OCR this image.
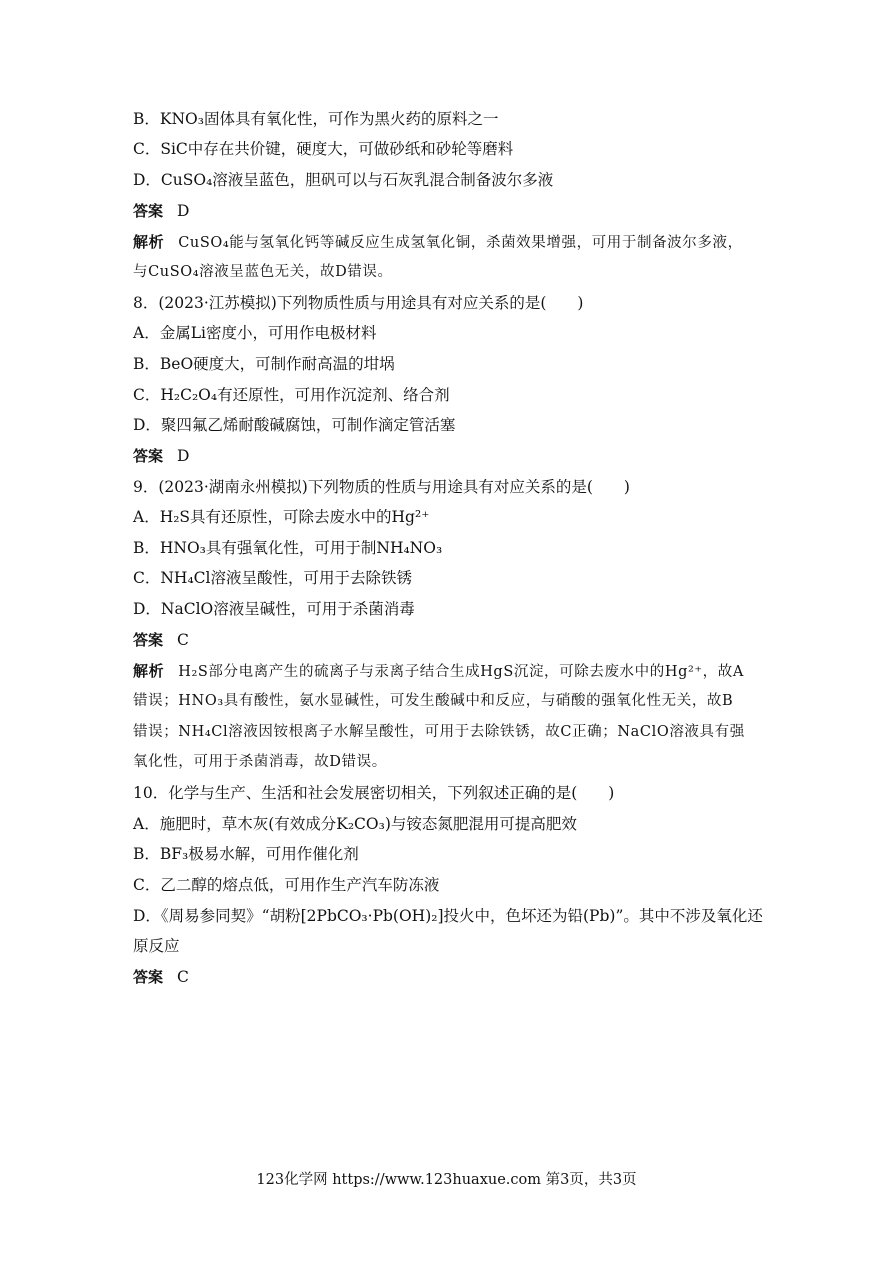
B．KNO₃固体具有氧化性，可作为黑火药的原料之一
C．SiC中存在共价键，硬度大，可做砂纸和砂轮等磨料
D．CuSO₄溶液呈蓝色，胆矾可以与石灰乳混合制备波尔多液
答案 D
解析 CuSO₄能与氢氧化钙等碱反应生成氢氧化铜，杀菌效果增强，可用于制备波尔多液，
与CuSO₄溶液呈蓝色无关，故D错误。
8．(2023·江苏模拟)下列物质性质与用途具有对应关系的是(　　)
A．金属Li密度小，可用作电极材料
B．BeO硬度大，可制作耐高温的坩埚
C．H₂C₂O₄有还原性，可用作沉淀剂、络合剂
D．聚四氟乙烯耐酸碱腐蚀，可制作滴定管活塞
答案 D
9．(2023·湖南永州模拟)下列物质的性质与用途具有对应关系的是(　　)
A．H₂S具有还原性，可除去废水中的Hg²⁺
B．HNO₃具有强氧化性，可用于制NH₄NO₃
C．NH₄Cl溶液呈酸性，可用于去除铁锈
D．NaClO溶液呈碱性，可用于杀菌消毒
答案 C
解析 H₂S部分电离产生的硫离子与汞离子结合生成HgS沉淀，可除去废水中的Hg²⁺，故A
错误；HNO₃具有酸性，氨水显碱性，可发生酸碱中和反应，与硝酸的强氧化性无关，故B
错误；NH₄Cl溶液因铵根离子水解呈酸性，可用于去除铁锈，故C正确；NaClO溶液具有强
氧化性，可用于杀菌消毒，故D错误。
10．化学与生产、生活和社会发展密切相关，下列叙述正确的是(　　)
A．施肥时，草木灰(有效成分K₂CO₃)与铵态氮肥混用可提高肥效
B．BF₃极易水解，可用作催化剂
C．乙二醇的熔点低，可用作生产汽车防冻液
D．《周易参同契》“胡粉[2PbCO₃·Pb(OH)₂]投火中，色坏还为铅(Pb)”。其中不涉及氧化还
原反应
答案 C
123化学网 https://www.123huaxue.com 第3页，共3页
